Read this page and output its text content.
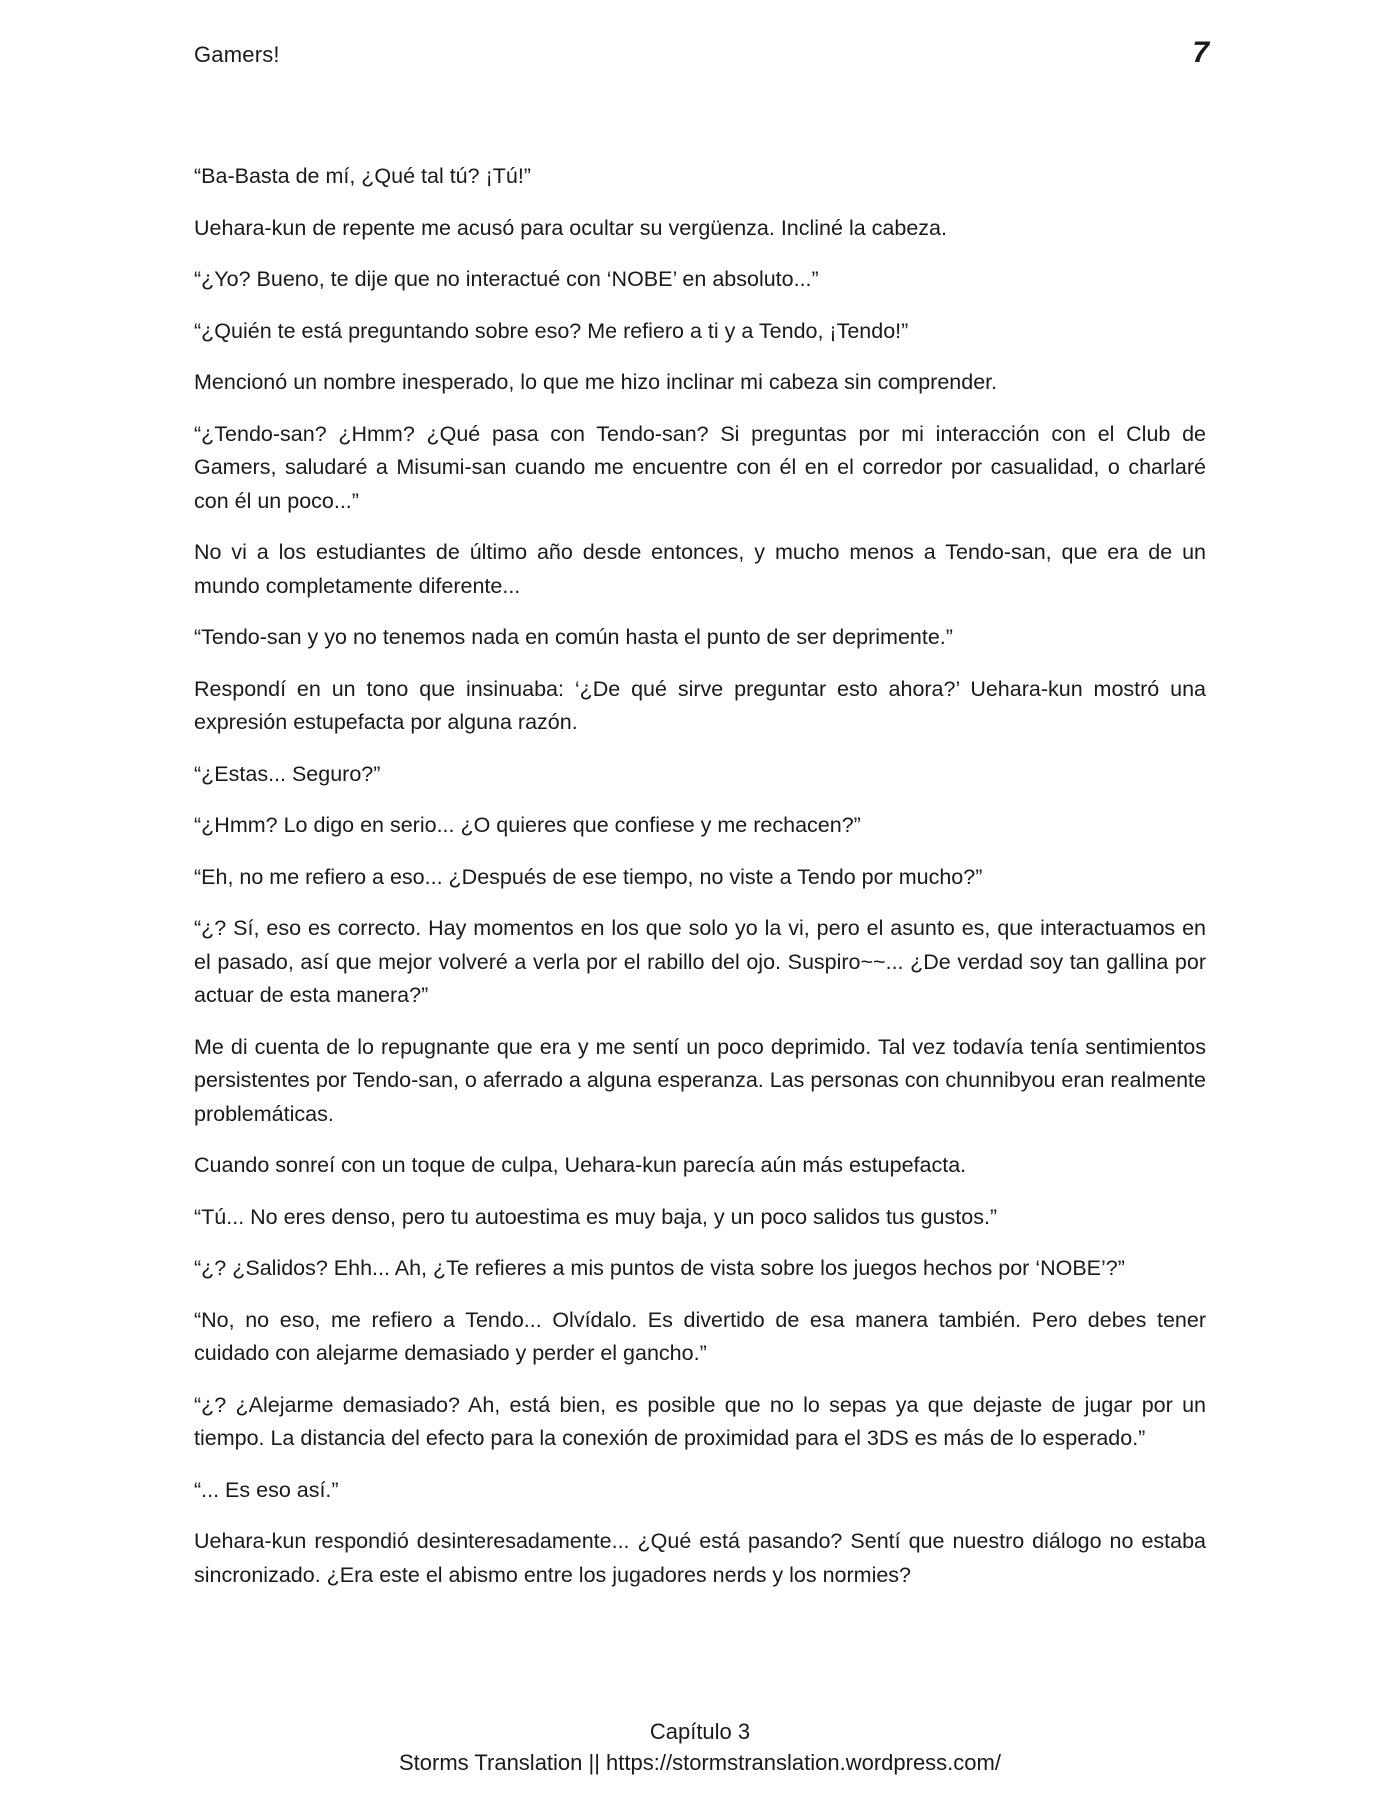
Gamers!	7

“Ba-Basta de mí, ¿Qué tal tú? ¡Tú!”

Uehara-kun de repente me acusó para ocultar su vergüenza. Incliné la cabeza.

“¿Yo? Bueno, te dije que no interactué con ‘NOBE’ en absoluto...”

“¿Quién te está preguntando sobre eso? Me refiero a ti y a Tendo, ¡Tendo!”

Mencionó un nombre inesperado, lo que me hizo inclinar mi cabeza sin comprender.

“¿Tendo-san? ¿Hmm? ¿Qué pasa con Tendo-san? Si preguntas por mi interacción con el Club de Gamers, saludaré a Misumi-san cuando me encuentre con él en el corredor por casualidad, o charlaré con él un poco...”

No vi a los estudiantes de último año desde entonces, y mucho menos a Tendo-san, que era de un mundo completamente diferente...

“Tendo-san y yo no tenemos nada en común hasta el punto de ser deprimente.”

Respondí en un tono que insinuaba: ‘¿De qué sirve preguntar esto ahora?’ Uehara-kun mostró una expresión estupefacta por alguna razón.

“¿Estas... Seguro?”

“¿Hmm? Lo digo en serio... ¿O quieres que confiese y me rechacen?”

“Eh, no me refiero a eso... ¿Después de ese tiempo, no viste a Tendo por mucho?”

“¿? Sí, eso es correcto. Hay momentos en los que solo yo la vi, pero el asunto es, que interactuamos en el pasado, así que mejor volveré a verla por el rabillo del ojo. Suspiro~~... ¿De verdad soy tan gallina por actuar de esta manera?”

Me di cuenta de lo repugnante que era y me sentí un poco deprimido. Tal vez todavía tenía sentimientos persistentes por Tendo-san, o aferrado a alguna esperanza. Las personas con chunnibyou eran realmente problemáticas.

Cuando sonreí con un toque de culpa, Uehara-kun parecía aún más estupefacta.

“Tú... No eres denso, pero tu autoestima es muy baja, y un poco salidos tus gustos.”

“¿? ¿Salidos? Ehh... Ah, ¿Te refieres a mis puntos de vista sobre los juegos hechos por ‘NOBE’?”

“No, no eso, me refiero a Tendo... Olvídalo. Es divertido de esa manera también. Pero debes tener cuidado con alejarme demasiado y perder el gancho.”

“¿? ¿Alejarme demasiado? Ah, está bien, es posible que no lo sepas ya que dejaste de jugar por un tiempo. La distancia del efecto para la conexión de proximidad para el 3DS es más de lo esperado.”

“... Es eso así.”

Uehara-kun respondió desinteresadamente... ¿Qué está pasando? Sentí que nuestro diálogo no estaba sincronizado. ¿Era este el abismo entre los jugadores nerds y los normies?

Capítulo 3
Storms Translation || https://stormstranslation.wordpress.com/
